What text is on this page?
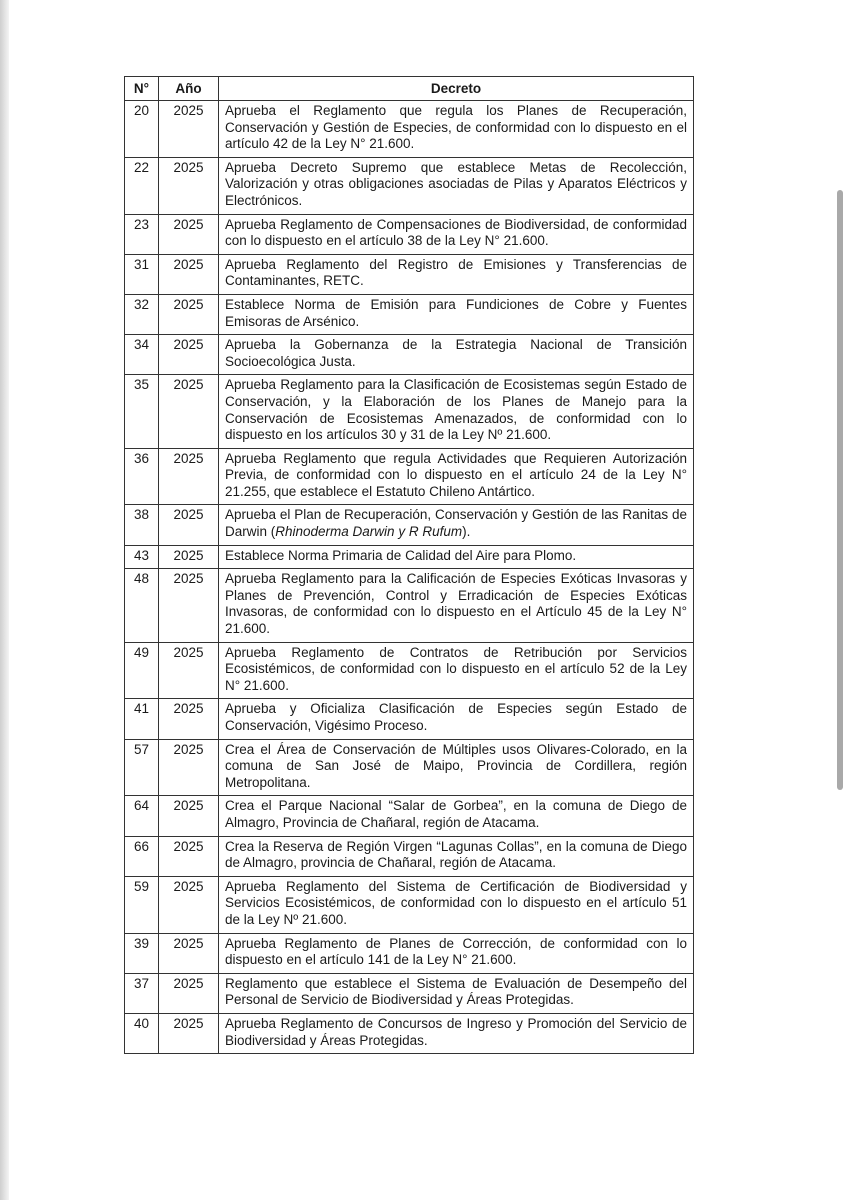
N°	Año	Decreto
20	2025	Aprueba el Reglamento que regula los Planes de Recuperación, Conservación y Gestión de Especies, de conformidad con lo dispuesto en el artículo 42 de la Ley N° 21.600.
22	2025	Aprueba Decreto Supremo que establece Metas de Recolección, Valorización y otras obligaciones asociadas de Pilas y Aparatos Eléctricos y Electrónicos.
23	2025	Aprueba Reglamento de Compensaciones de Biodiversidad, de conformidad con lo dispuesto en el artículo 38 de la Ley N° 21.600.
31	2025	Aprueba Reglamento del Registro de Emisiones y Transferencias de Contaminantes, RETC.
32	2025	Establece Norma de Emisión para Fundiciones de Cobre y Fuentes Emisoras de Arsénico.
34	2025	Aprueba la Gobernanza de la Estrategia Nacional de Transición Socioecológica Justa.
35	2025	Aprueba Reglamento para la Clasificación de Ecosistemas según Estado de Conservación, y la Elaboración de los Planes de Manejo para la Conservación de Ecosistemas Amenazados, de conformidad con lo dispuesto en los artículos 30 y 31 de la Ley Nº 21.600.
36	2025	Aprueba Reglamento que regula Actividades que Requieren Autorización Previa, de conformidad con lo dispuesto en el artículo 24 de la Ley N° 21.255, que establece el Estatuto Chileno Antártico.
38	2025	Aprueba el Plan de Recuperación, Conservación y Gestión de las Ranitas de Darwin (Rhinoderma Darwin y R Rufum).
43	2025	Establece Norma Primaria de Calidad del Aire para Plomo.
48	2025	Aprueba Reglamento para la Calificación de Especies Exóticas Invasoras y Planes de Prevención, Control y Erradicación de Especies Exóticas Invasoras, de conformidad con lo dispuesto en el Artículo 45 de la Ley N° 21.600.
49	2025	Aprueba Reglamento de Contratos de Retribución por Servicios Ecosistémicos, de conformidad con lo dispuesto en el artículo 52 de la Ley N° 21.600.
41	2025	Aprueba y Oficializa Clasificación de Especies según Estado de Conservación, Vigésimo Proceso.
57	2025	Crea el Área de Conservación de Múltiples usos Olivares-Colorado, en la comuna de San José de Maipo, Provincia de Cordillera, región Metropolitana.
64	2025	Crea el Parque Nacional “Salar de Gorbea”, en la comuna de Diego de Almagro, Provincia de Chañaral, región de Atacama.
66	2025	Crea la Reserva de Región Virgen “Lagunas Collas”, en la comuna de Diego de Almagro, provincia de Chañaral, región de Atacama.
59	2025	Aprueba Reglamento del Sistema de Certificación de Biodiversidad y Servicios Ecosistémicos, de conformidad con lo dispuesto en el artículo 51 de la Ley Nº 21.600.
39	2025	Aprueba Reglamento de Planes de Corrección, de conformidad con lo dispuesto en el artículo 141 de la Ley N° 21.600.
37	2025	Reglamento que establece el Sistema de Evaluación de Desempeño del Personal de Servicio de Biodiversidad y Áreas Protegidas.
40	2025	Aprueba Reglamento de Concursos de Ingreso y Promoción del Servicio de Biodiversidad y Áreas Protegidas.
